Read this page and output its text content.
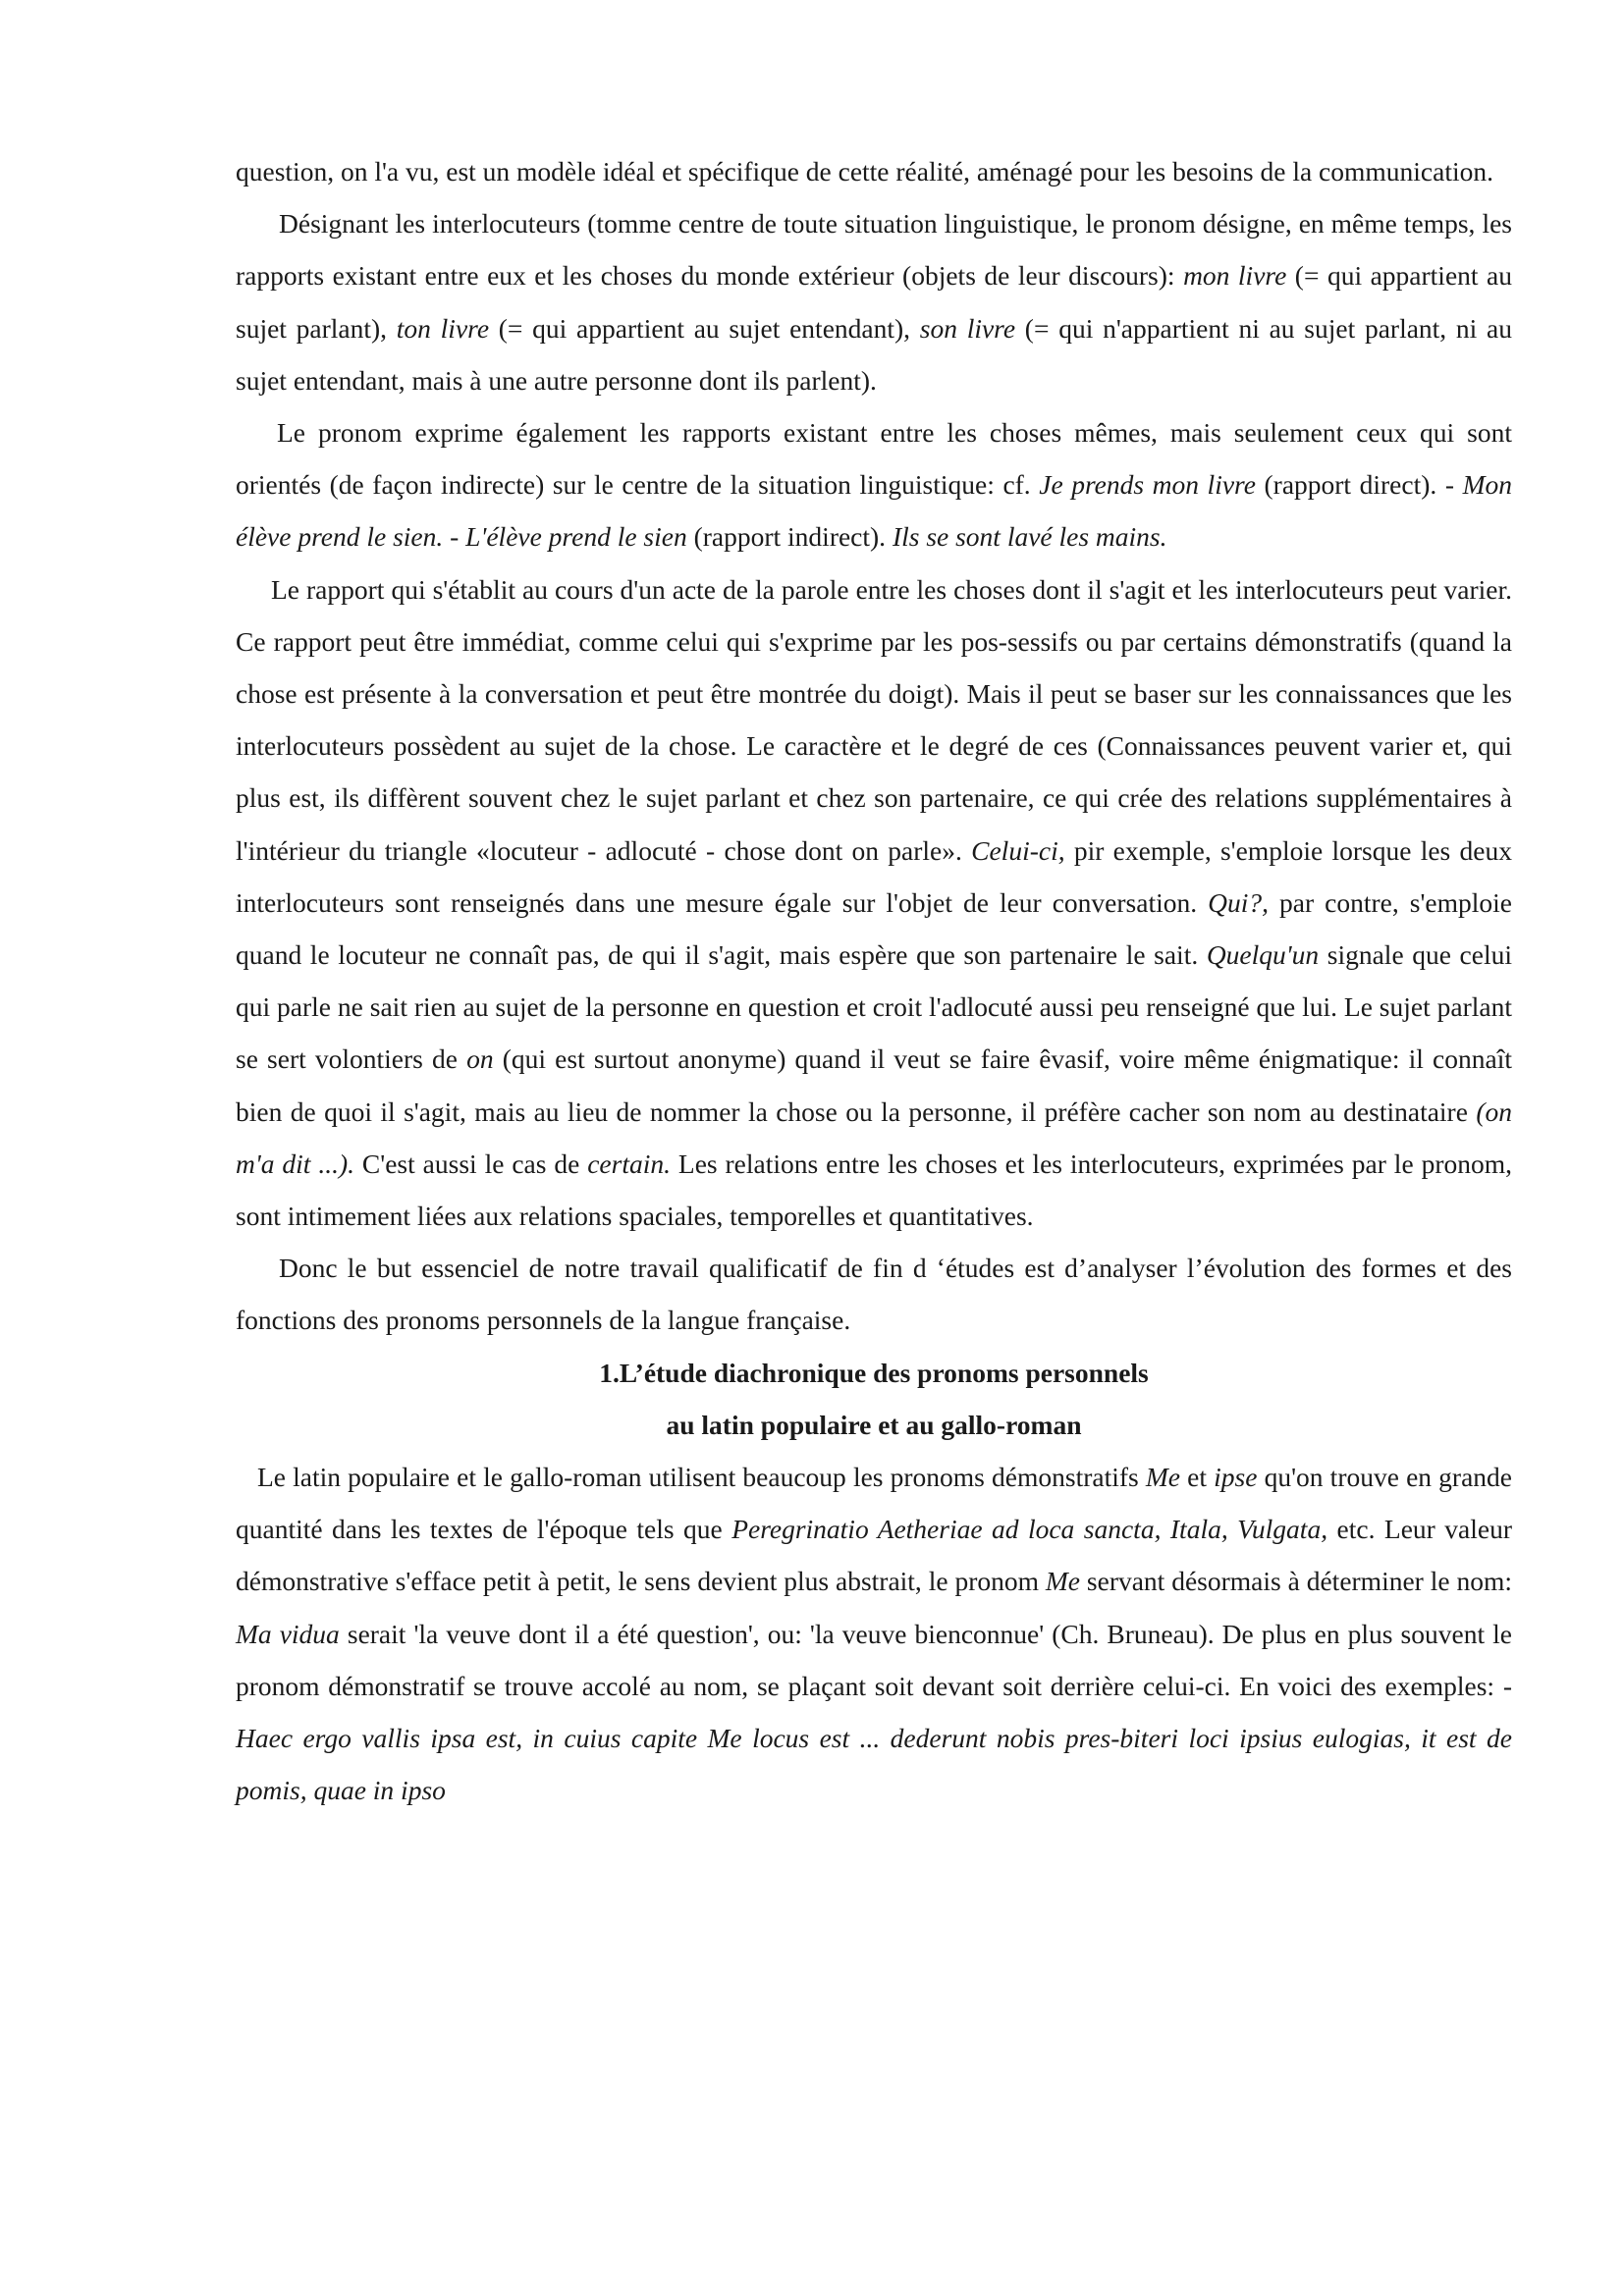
question, on l'a vu, est un modèle idéal et spécifique de cette réalité, aménagé pour les besoins de la communication.

Désignant les interlocuteurs (tomme centre de toute situation linguistique, le pronom désigne, en même temps, les rapports existant entre eux et les choses du monde extérieur (objets de leur discours): mon livre (= qui appartient au sujet parlant), ton livre (= qui appartient au sujet entendant), son livre (= qui n'appartient ni au sujet parlant, ni au sujet entendant, mais à une autre personne dont ils parlent).

Le pronom exprime également les rapports existant entre les choses mêmes, mais seulement ceux qui sont orientés (de façon indirecte) sur le centre de la situation linguistique: cf. Je prends mon livre (rapport direct). - Mon élève prend le sien. - L'élève prend le sien (rapport indirect). Ils se sont lavé les mains.

Le rapport qui s'établit au cours d'un acte de la parole entre les choses dont il s'agit et les interlocuteurs peut varier. Ce rapport peut être immédiat, comme celui qui s'exprime par les pos-sessifs ou par certains démonstratifs (quand la chose est présente à la conversation et peut être montrée du doigt). Mais il peut se baser sur les connaissances que les interlocuteurs possèdent au sujet de la chose. Le caractère et le degré de ces (Connaissances peuvent varier et, qui plus est, ils diffèrent souvent chez le sujet parlant et chez son partenaire, ce qui crée des relations supplémentaires à l'intérieur du triangle «locuteur - adlocuté - chose dont on parle». Celui-ci, pir exemple, s'emploie lorsque les deux interlocuteurs sont renseignés dans une mesure égale sur l'objet de leur conversation. Qui?, par contre, s'emploie quand le locuteur ne connaît pas, de qui il s'agit, mais espère que son partenaire le sait. Quelqu'un signale que celui qui parle ne sait rien au sujet de la personne en question et croit l'adlocuté aussi peu renseigné que lui. Le sujet parlant se sert volontiers de on (qui est surtout anonyme) quand il veut se faire êvasif, voire même énigmatique: il connaît bien de quoi il s'agit, mais au lieu de nommer la chose ou la personne, il préfère cacher son nom au destinataire (on m'a dit ...). C'est aussi le cas de certain. Les relations entre les choses et les interlocuteurs, exprimées par le pronom, sont intimement liées aux relations spaciales, temporelles et quantitatives.

Donc le but essenciel de notre travail qualificatif de fin d ‘études est d’analyser l’évolution des formes et des fonctions des pronoms personnels de la langue française.

1.L’étude diachronique des pronoms personnels

au latin populaire et au gallo-roman

Le latin populaire et le gallo-roman utilisent beaucoup les pronoms démonstratifs Me et ipse qu'on trouve en grande quantité dans les textes de l'époque tels que Peregrinatio Aetheriae ad loca sancta, Itala, Vulgata, etc. Leur valeur démonstrative s'efface petit à petit, le sens devient plus abstrait, le pronom Me servant désormais à déterminer le nom: Ma vidua serait 'la veuve dont il a été question', ou: 'la veuve bienconnue' (Ch. Bruneau). De plus en plus souvent le pronom démonstratif se trouve accolé au nom, se plaçant soit devant soit derrière celui-ci. En voici des exemples: - Haec ergo vallis ipsa est, in cuius capite Me locus est ... dederunt nobis pres-biteri loci ipsius eulogias, it est de pomis, quae in ipso
